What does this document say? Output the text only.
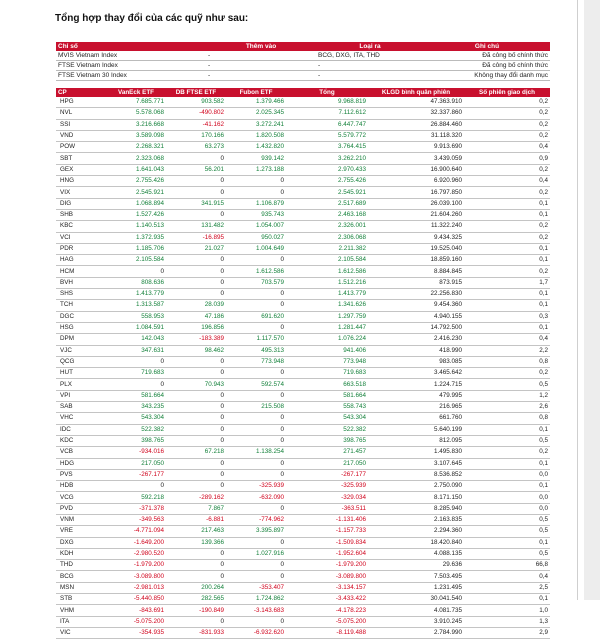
Tổng hợp thay đổi của các quỹ như sau:
Chỉ số	Thêm vào	Loại ra	Ghi chú
MVIS Vietnam Index	-	BCG, DXG, ITA, THD	Đã công bố chính thức
FTSE Vietnam Index	-	-	Đã công bố chính thức
FTSE Vietnam 30 Index	-	-	Không thay đổi danh mục
CP	VanEck ETF	DB FTSE ETF	Fubon ETF	Tổng	KLGD bình quân phiên	Số phiên giao dịch
HPG	7.685.771	903.582	1.379.466	9.968.819	47.363.910	0,2
NVL	5.578.068	-490.802	2.025.345	7.112.612	32.337.860	0,2
SSI	3.216.668	-41.162	3.272.241	6.447.747	26.884.460	0,2
VND	3.589.098	170.166	1.820.508	5.579.772	31.118.320	0,2
POW	2.268.321	63.273	1.432.820	3.764.415	9.913.690	0,4
SBT	2.323.068	0	939.142	3.262.210	3.439.059	0,9
GEX	1.641.043	56.201	1.273.188	2.970.433	16.900.640	0,2
HNG	2.755.426	0	0	2.755.426	6.920.960	0,4
VIX	2.545.921	0	0	2.545.921	16.797.850	0,2
DIG	1.068.894	341.915	1.106.879	2.517.689	26.039.100	0,1
SHB	1.527.426	0	935.743	2.463.168	21.604.260	0,1
KBC	1.140.513	131.482	1.054.007	2.326.001	11.322.240	0,2
VCI	1.372.935	-16.895	950.027	2.306.068	9.434.325	0,2
PDR	1.185.706	21.027	1.004.649	2.211.382	19.525.040	0,1
HAG	2.105.584	0	0	2.105.584	18.859.160	0,1
HCM	0	0	1.612.586	1.612.586	8.884.845	0,2
BVH	808.636	0	703.579	1.512.216	873.915	1,7
SHS	1.413.779	0	0	1.413.779	22.256.830	0,1
TCH	1.313.587	28.039	0	1.341.626	9.454.360	0,1
DGC	558.953	47.186	691.620	1.297.759	4.940.155	0,3
HSG	1.084.591	196.856	0	1.281.447	14.792.500	0,1
DPM	142.043	-183.389	1.117.570	1.076.224	2.416.230	0,4
VJC	347.631	98.462	495.313	941.406	418.990	2,2
QCG	0	0	773.948	773.948	983.085	0,8
HUT	719.683	0	0	719.683	3.465.642	0,2
PLX	0	70.943	592.574	663.518	1.224.715	0,5
VPI	581.664	0	0	581.664	479.995	1,2
SAB	343.235	0	215.508	558.743	216.965	2,6
VHC	543.304	0	0	543.304	661.760	0,8
IDC	522.382	0	0	522.382	5.640.199	0,1
KDC	398.765	0	0	398.765	812.095	0,5
VCB	-934.016	67.218	1.138.254	271.457	1.495.830	0,2
HDG	217.050	0	0	217.050	3.107.645	0,1
PVS	-267.177	0	0	-267.177	8.536.852	0,0
HDB	0	0	-325.939	-325.939	2.750.090	0,1
VCG	592.218	-289.162	-632.090	-329.034	8.171.150	0,0
PVD	-371.378	7.867	0	-363.511	8.285.940	0,0
VNM	-349.563	-6.881	-774.962	-1.131.406	2.163.835	0,5
VRE	-4.771.094	217.463	3.395.897	-1.157.733	2.294.360	0,5
DXG	-1.649.200	139.366	0	-1.509.834	18.420.840	0,1
KDH	-2.980.520	0	1.027.916	-1.952.604	4.088.135	0,5
THD	-1.979.200	0	0	-1.979.200	29.636	66,8
BCG	-3.089.800	0	0	-3.089.800	7.503.495	0,4
MSN	-2.981.013	200.264	-353.407	-3.134.157	1.231.495	2,5
STB	-5.440.850	282.565	1.724.862	-3.433.422	30.041.540	0,1
VHM	-843.691	-190.849	-3.143.683	-4.178.223	4.081.735	1,0
ITA	-5.075.200	0	0	-5.075.200	3.910.245	1,3
VIC	-354.935	-831.933	-6.932.620	-8.119.488	2.784.990	2,9
